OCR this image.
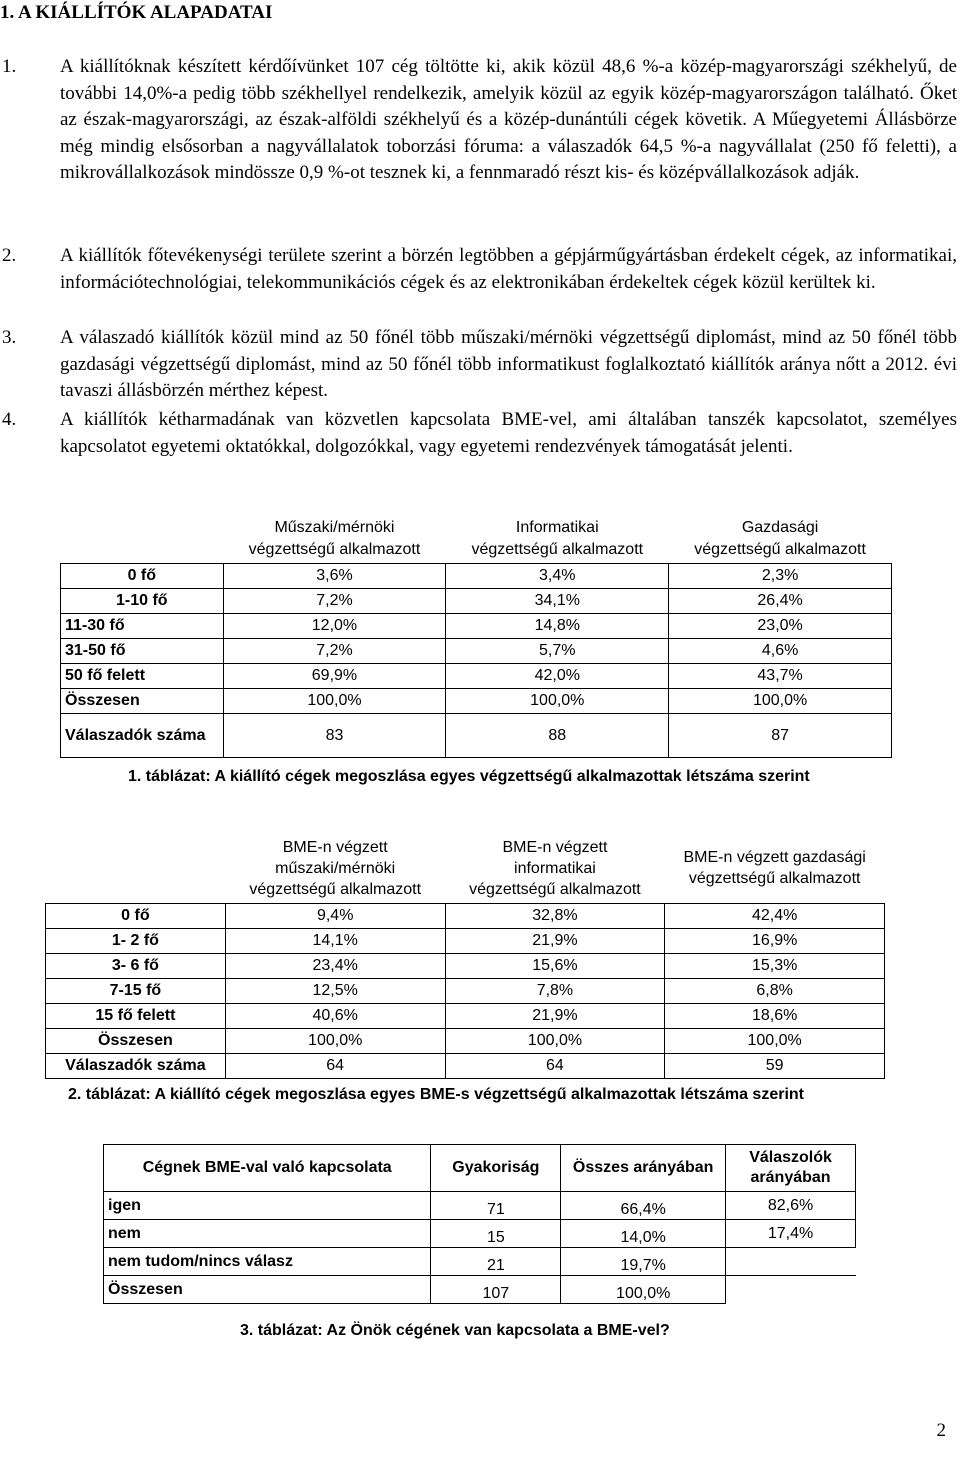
1. A KIÁLLÍTÓK ALAPADATAI
1. A kiállítóknak készített kérdőívünket 107 cég töltötte ki, akik közül 48,6 %-a közép-magyarországi székhelyű, de további 14,0%-a pedig több székhellyel rendelkezik, amelyik közül az egyik közép-magyarországon található. Őket az észak-magyarországi, az észak-alföldi székhelyű és a közép-dunántúli cégek követik. A Műegyetemi Állásbörze még mindig elsősorban a nagyvállalatok toborzási fóruma: a válaszadók 64,5 %-a nagyvállalat (250 fő feletti), a mikrovállalkozások mindössze 0,9 %-ot tesznek ki, a fennmaradó részt kis- és középvállalkozások adják.
2. A kiállítók főtevékenységi területe szerint a börzén legtöbben a gépjárműgyártásban érdekelt cégek, az informatikai, információtechnológiai, telekommunikációs cégek és az elektronikában érdekeltek cégek közül kerültek ki.
3. A válaszadó kiállítók közül mind az 50 főnél több műszaki/mérnöki végzettségű diplomást, mind az 50 főnél több gazdasági végzettségű diplomást, mind az 50 főnél több informatikust foglalkoztató kiállítók aránya nőtt a 2012. évi tavaszi állásbörzén mérthez képest.
4. A kiállítók kétharmadának van közvetlen kapcsolata BME-vel, ami általában tanszék kapcsolatot, személyes kapcsolatot egyetemi oktatókkal, dolgozókkal, vagy egyetemi rendezvények támogatását jelenti.
	Műszaki/mérnöki
végzettségű alkalmazott	Informatikai
végzettségű alkalmazott	Gazdasági
végzettségű alkalmazott
0 fő	3,6%	3,4%	2,3%
1-10 fő	7,2%	34,1%	26,4%
11-30 fő	12,0%	14,8%	23,0%
31-50 fő	7,2%	5,7%	4,6%
50 fő felett	69,9%	42,0%	43,7%
Összesen	100,0%	100,0%	100,0%
Válaszadók száma	83	88	87
1. táblázat: A kiállító cégek megoszlása egyes végzettségű alkalmazottak létszáma szerint
	BME-n végzett
műszaki/mérnöki
végzettségű alkalmazott	BME-n végzett
informatikai
végzettségű alkalmazott	BME-n végzett gazdasági
végzettségű alkalmazott
0 fő	9,4%	32,8%	42,4%
1- 2 fő	14,1%	21,9%	16,9%
3- 6 fő	23,4%	15,6%	15,3%
7-15 fő	12,5%	7,8%	6,8%
15 fő felett	40,6%	21,9%	18,6%
Összesen	100,0%	100,0%	100,0%
Válaszadók száma	64	64	59
2. táblázat: A kiállító cégek megoszlása egyes BME-s végzettségű alkalmazottak létszáma szerint
Cégnek BME-val való kapcsolata	Gyakoriság	Összes arányában	Válaszolók arányában
igen	71	66,4%	82,6%
nem	15	14,0%	17,4%
nem tudom/nincs válasz	21	19,7%	
Összesen	107	100,0%	
3. táblázat: Az Önök cégének van kapcsolata a BME-vel?
2
